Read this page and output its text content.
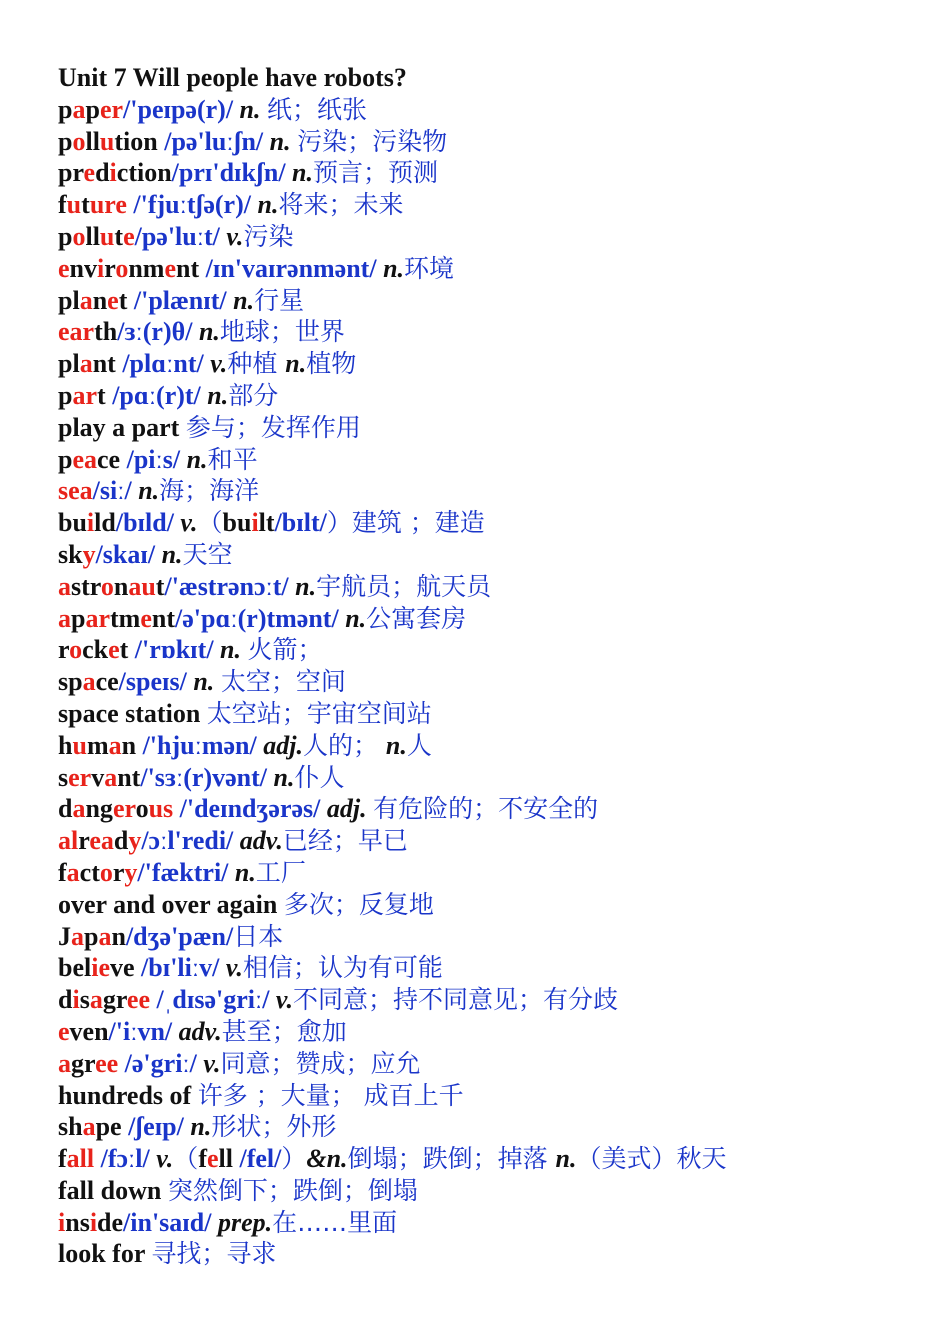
Unit 7 Will people have robots?
paper/'peɪpə(r)/ n. 纸；纸张
pollution /pə'luːʃn/ n. 污染；污染物
prediction/prɪ'dɪkʃn/ n.预言；预测
future /'fjuːtʃə(r)/ n.将来；未来
pollute/pə'luːt/ v.污染
environment /ɪn'vaɪrənmənt/ n.环境
planet /'plænɪt/ n.行星
earth/ɜː(r)θ/ n.地球；世界
plant /plɑːnt/ v.种植 n.植物
part /pɑː(r)t/ n.部分
play a part 参与；发挥作用
peace /piːs/ n.和平
sea/siː/ n.海；海洋
build/bɪld/ v.（built/bɪlt/）建筑 ；建造
sky/skaɪ/ n.天空
astronaut/'æstrənɔːt/ n.宇航员；航天员
apartment/ə'pɑː(r)tmənt/ n.公寓套房
rocket /'rɒkɪt/ n. 火箭；
space/speɪs/ n. 太空；空间
space station 太空站；宇宙空间站
human /'hjuːmən/ adj.人的； n.人
servant/'sɜː(r)vənt/ n.仆人
dangerous /'deɪndʒərəs/ adj. 有危险的；不安全的
already/ɔːl'redi/ adv.已经；早已
factory/'fæktri/ n.工厂
over and over again 多次；反复地
Japan/dʒə'pæn/日本
believe /bɪ'liːv/ v.相信；认为有可能
disagree /ˌdɪsə'griː/ v.不同意；持不同意见；有分歧
even/'iːvn/ adv.甚至；愈加
agree /ə'griː/ v.同意；赞成；应允
hundreds of 许多 ；大量； 成百上千
shape /ʃeɪp/ n.形状；外形
fall /fɔːl/ v.（fell /fel/）&n.倒塌；跌倒；掉落 n.（美式）秋天
fall down 突然倒下；跌倒；倒塌
inside/in'saɪd/ prep.在……里面
look for 寻找；寻求
